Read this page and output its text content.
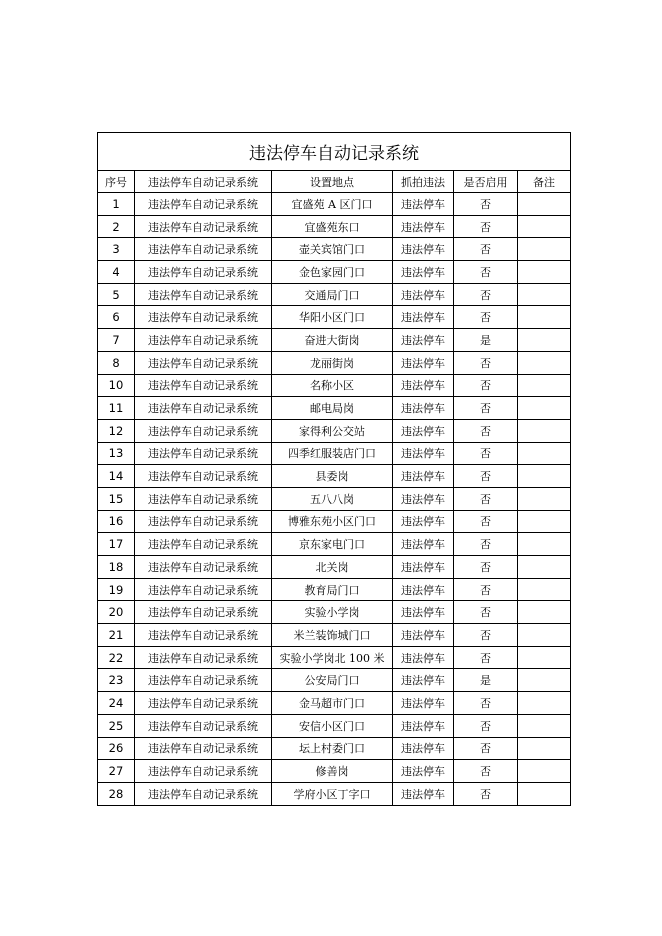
违法停车自动记录系统					
序号	违法停车自动记录系统	设置地点	抓拍违法	是否启用	备注
1	违法停车自动记录系统	宜盛苑 A 区门口	违法停车	否	
2	违法停车自动记录系统	宜盛苑东口	违法停车	否	
3	违法停车自动记录系统	壶关宾馆门口	违法停车	否	
4	违法停车自动记录系统	金色家园门口	违法停车	否	
5	违法停车自动记录系统	交通局门口	违法停车	否	
6	违法停车自动记录系统	华阳小区门口	违法停车	否	
7	违法停车自动记录系统	奋进大街岗	违法停车	是	
8	违法停车自动记录系统	龙丽街岗	违法停车	否	
10	违法停车自动记录系统	名称小区	违法停车	否	
11	违法停车自动记录系统	邮电局岗	违法停车	否	
12	违法停车自动记录系统	家得利公交站	违法停车	否	
13	违法停车自动记录系统	四季红服装店门口	违法停车	否	
14	违法停车自动记录系统	县委岗	违法停车	否	
15	违法停车自动记录系统	五八八岗	违法停车	否	
16	违法停车自动记录系统	博雅东苑小区门口	违法停车	否	
17	违法停车自动记录系统	京东家电门口	违法停车	否	
18	违法停车自动记录系统	北关岗	违法停车	否	
19	违法停车自动记录系统	教育局门口	违法停车	否	
20	违法停车自动记录系统	实验小学岗	违法停车	否	
21	违法停车自动记录系统	米兰装饰城门口	违法停车	否	
22	违法停车自动记录系统	实验小学岗北 100 米	违法停车	否	
23	违法停车自动记录系统	公安局门口	违法停车	是	
24	违法停车自动记录系统	金马超市门口	违法停车	否	
25	违法停车自动记录系统	安信小区门口	违法停车	否	
26	违法停车自动记录系统	坛上村委门口	违法停车	否	
27	违法停车自动记录系统	修善岗	违法停车	否	
28	违法停车自动记录系统	学府小区丁字口	违法停车	否	
